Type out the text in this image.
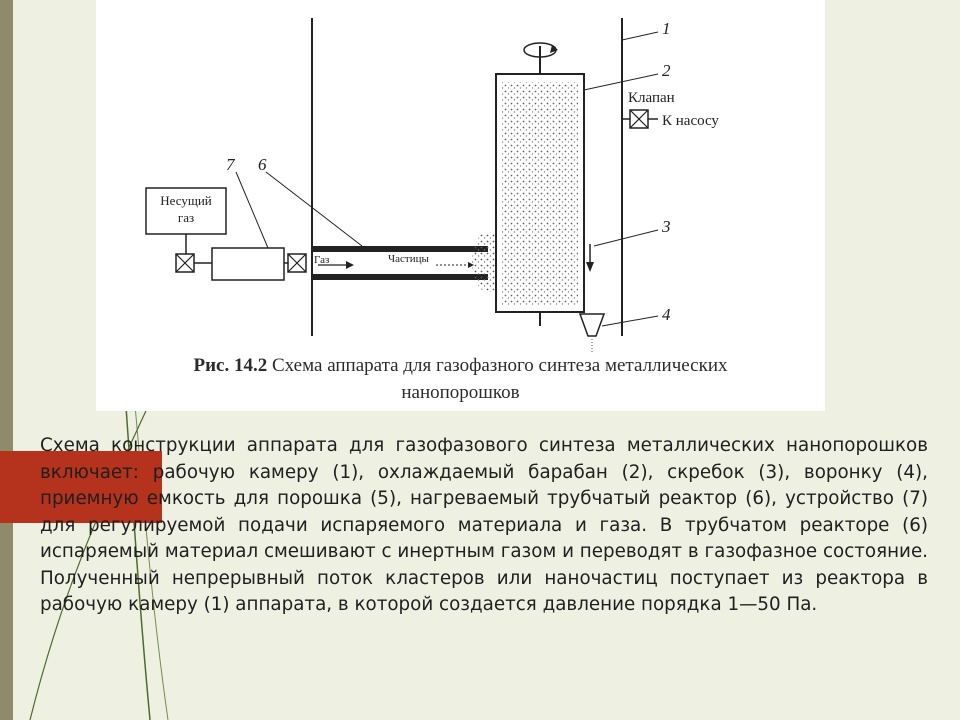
Несущий
газ
Газ	Частицы
Клапан
К насосу
1
2
3
4
6
7
Рис. 14.2 Схема аппарата для газофазного синтеза металлических
нанопорошков

Схема конструкции аппарата для газофазового синтеза металлических нанопорошков включает: рабочую камеру (1), охлаждаемый барабан (2), скребок (3), воронку (4), приемную емкость для порошка (5), нагреваемый трубчатый реактор (6), устройство (7) для регулируемой подачи испаряемого материала и газа. В трубчатом реакторе (6) испаряемый материал смешивают с инертным газом и переводят в газофазное состояние. Полученный непрерывный поток кластеров или наночастиц поступает из реактора в рабочую камеру (1) аппарата, в которой создается давление порядка 1—50 Па.
